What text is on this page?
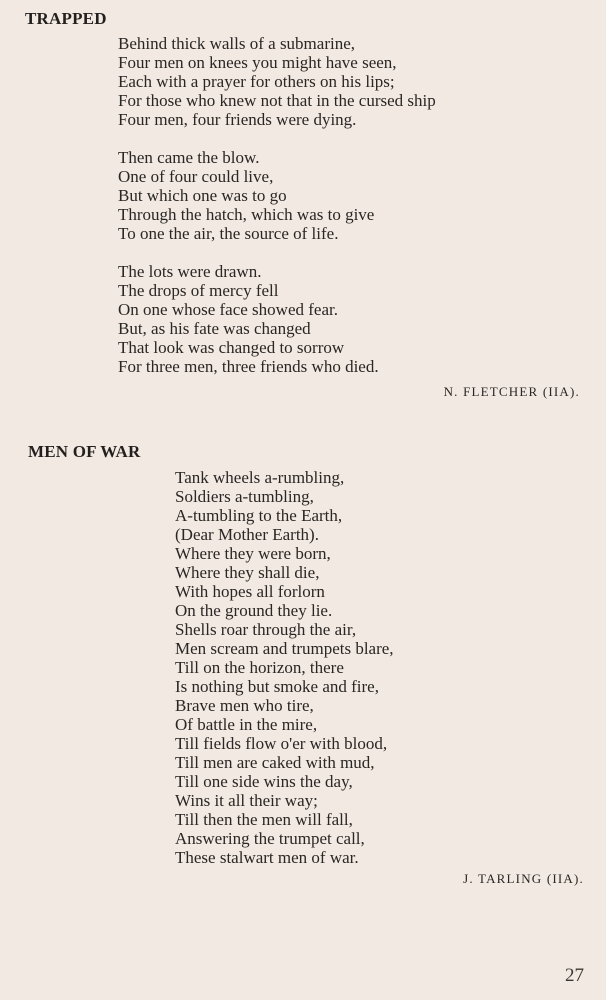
TRAPPED
Behind thick walls of a submarine,
Four men on knees you might have seen,
Each with a prayer for others on his lips;
For those who knew not that in the cursed ship
Four men, four friends were dying.
Then came the blow.
One of four could live,
But which one was to go
Through the hatch, which was to give
To one the air, the source of life.
The lots were drawn.
The drops of mercy fell
On one whose face showed fear.
But, as his fate was changed
That look was changed to sorrow
For three men, three friends who died.
N. FLETCHER (IIA).
MEN OF WAR
Tank wheels a-rumbling,
Soldiers a-tumbling,
A-tumbling to the Earth,
(Dear Mother Earth).
Where they were born,
Where they shall die,
With hopes all forlorn
On the ground they lie.
Shells roar through the air,
Men scream and trumpets blare,
Till on the horizon, there
Is nothing but smoke and fire,
Brave men who tire,
Of battle in the mire,
Till fields flow o'er with blood,
Till men are caked with mud,
Till one side wins the day,
Wins it all their way;
Till then the men will fall,
Answering the trumpet call,
These stalwart men of war.
J. TARLING (IIA).
27
